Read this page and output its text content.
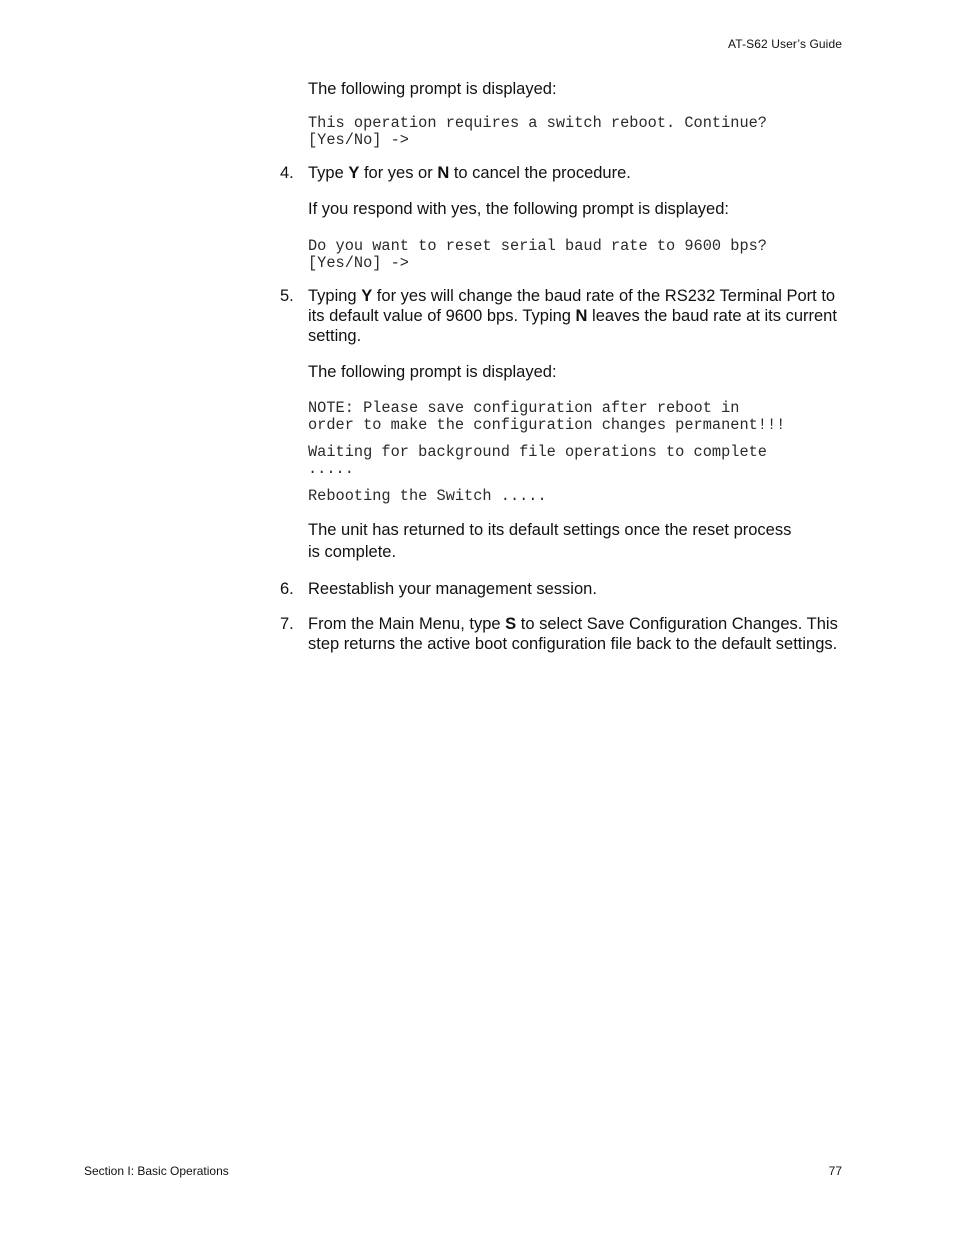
AT-S62 User’s Guide

The following prompt is displayed:

This operation requires a switch reboot. Continue?
[Yes/No] ->
4. Type Y for yes or N to cancel the procedure.

If you respond with yes, the following prompt is displayed:

Do you want to reset serial baud rate to 9600 bps?
[Yes/No] ->
5. Typing Y for yes will change the baud rate of the RS232 Terminal Port to its default value of 9600 bps. Typing N leaves the baud rate at its current setting.

The following prompt is displayed:

NOTE: Please save configuration after reboot in
order to make the configuration changes permanent!!!
Waiting for background file operations to complete
.....
Rebooting the Switch .....

The unit has returned to its default settings once the reset process
is complete.

6. Reestablish your management session.

7. From the Main Menu, type S to select Save Configuration Changes. This step returns the active boot configuration file back to the default settings.

Section I: Basic Operations	77
